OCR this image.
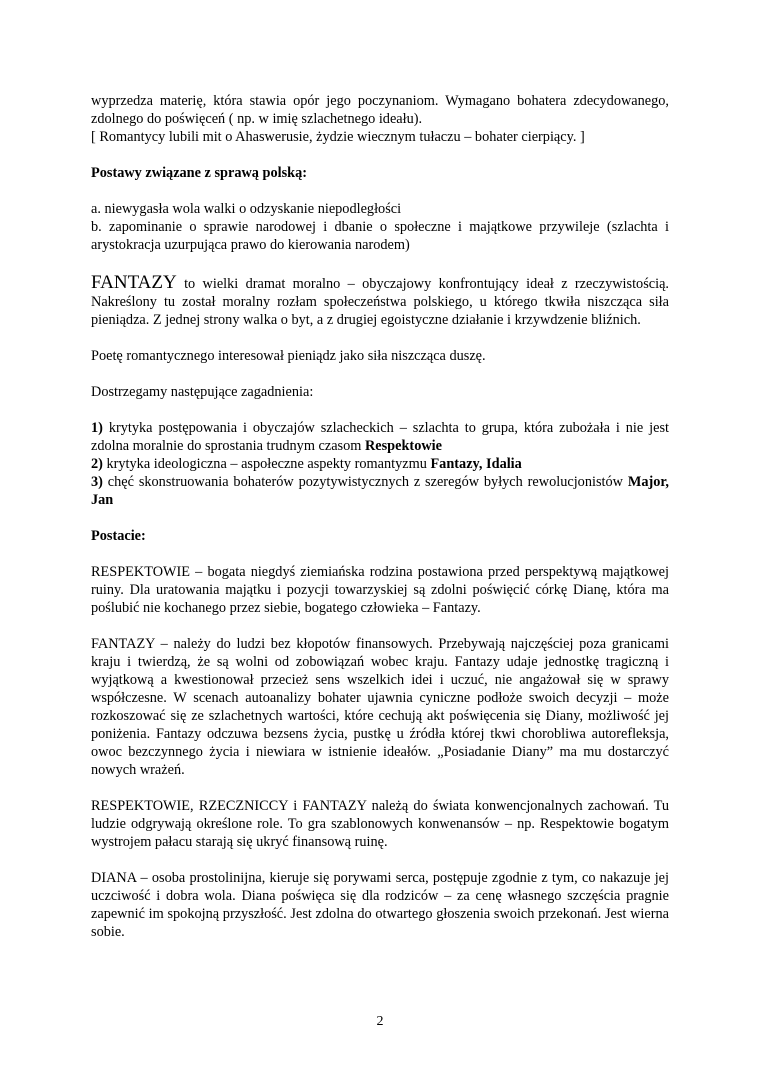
wyprzedza materię, która stawia opór jego poczynaniom. Wymagano bohatera zdecydowanego, zdolnego do poświęceń ( np. w imię szlachetnego ideału).

[ Romantycy lubili mit o Ahaswerusie, żydzie wiecznym tułaczu – bohater cierpiący. ]

Postawy związane z sprawą polską:

a. niewygasła wola walki o odzyskanie niepodległości

b. zapominanie o sprawie narodowej i dbanie o społeczne i majątkowe przywileje (szlachta i arystokracja uzurpująca prawo do kierowania narodem)

FANTAZY to wielki dramat moralno – obyczajowy konfrontujący ideał z rzeczywistością. Nakreślony tu został moralny rozłam społeczeństwa polskiego, u którego tkwiła niszcząca siła pieniądza. Z jednej strony walka o byt, a z drugiej egoistyczne działanie i krzywdzenie bliźnich.

Poetę romantycznego interesował pieniądz jako siła niszcząca duszę.

Dostrzegamy następujące zagadnienia:

1) krytyka postępowania i obyczajów szlacheckich – szlachta to grupa, która zubożała i nie jest zdolna moralnie do sprostania trudnym czasom Respektowie

2) krytyka ideologiczna – aspołeczne aspekty romantyzmu Fantazy, Idalia

3) chęć skonstruowania bohaterów pozytywistycznych z szeregów byłych rewolucjonistów Major, Jan

Postacie:

RESPEKTOWIE – bogata niegdyś ziemiańska rodzina postawiona przed perspektywą majątkowej ruiny. Dla uratowania majątku i pozycji towarzyskiej są zdolni poświęcić córkę Dianę, która ma poślubić nie kochanego przez siebie, bogatego człowieka – Fantazy.

FANTAZY – należy do ludzi bez kłopotów finansowych. Przebywają najczęściej poza granicami kraju i twierdzą, że są wolni od zobowiązań wobec kraju. Fantazy udaje jednostkę tragiczną i wyjątkową a kwestionował przecież sens wszelkich idei i uczuć, nie angażował się w sprawy współczesne. W scenach autoanalizy bohater ujawnia cyniczne podłoże swoich decyzji – może rozkoszować się ze szlachetnych wartości, które cechują akt poświęcenia się Diany, możliwość jej poniżenia. Fantazy odczuwa bezsens życia, pustkę u źródła której tkwi chorobliwa autorefleksja, owoc bezczynnego życia i niewiara w istnienie ideałów. „Posiadanie Diany” ma mu dostarczyć nowych wrażeń.

RESPEKTOWIE, RZECZNICCY i FANTAZY należą do świata konwencjonalnych zachowań. Tu ludzie odgrywają określone role. To gra szablonowych konwenansów – np. Respektowie bogatym wystrojem pałacu starają się ukryć finansową ruinę.

DIANA – osoba prostolinijna, kieruje się porywami serca, postępuje zgodnie z tym, co nakazuje jej uczciwość i dobra wola. Diana poświęca się dla rodziców – za cenę własnego szczęścia pragnie zapewnić im spokojną przyszłość. Jest zdolna do otwartego głoszenia swoich przekonań. Jest wierna sobie.

2
